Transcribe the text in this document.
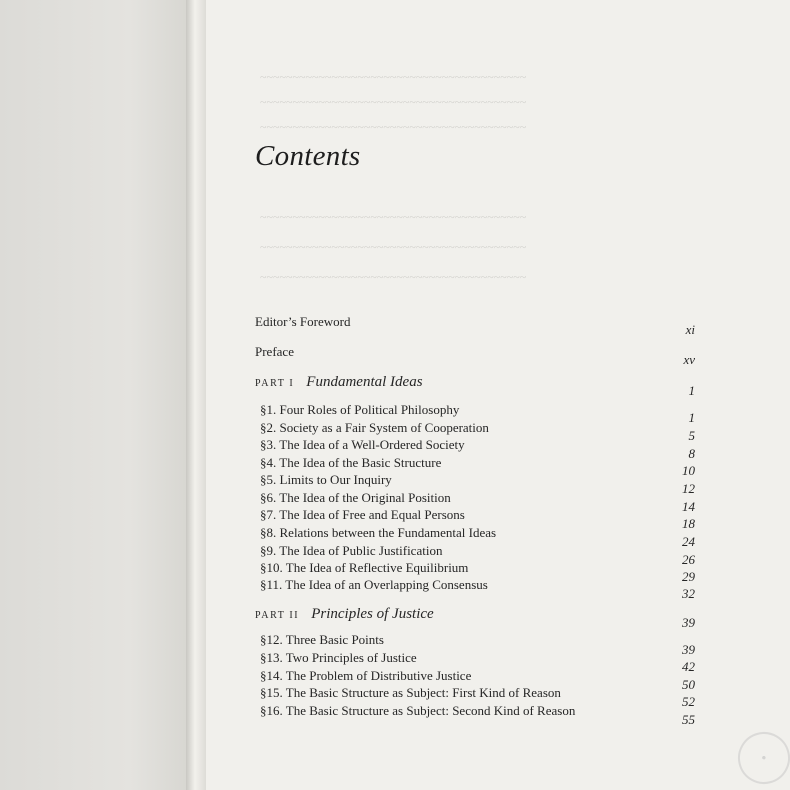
~~~~~~~~~~~~~~~~~~~~~~~~~~~~~~~~~~~~~~~~~
~~~~~~~~~~~~~~~~~~~~~~~~~~~~~~~~~~~~~~~~~
~~~~~~~~~~~~~~~~~~~~~~~~~~~~~~~~~~~~~~~~~
~~~~~~~~~~~~~~~~~~~~~~~~~~~~~~~~~~~~~~~~~
~~~~~~~~~~~~~~~~~~~~~~~~~~~~~~~~~~~~~~~~~
~~~~~~~~~~~~~~~~~~~~~~~~~~~~~~~~~~~~~~~~~
Contents
Editor’s Foreword
xi
Preface
xv
PART I Fundamental Ideas
1
§1. Four Roles of Political Philosophy
1
§2. Society as a Fair System of Cooperation
5
§3. The Idea of a Well-Ordered Society
8
§4. The Idea of the Basic Structure
10
§5. Limits to Our Inquiry
12
§6. The Idea of the Original Position
14
§7. The Idea of Free and Equal Persons
18
§8. Relations between the Fundamental Ideas
24
§9. The Idea of Public Justification
26
§10. The Idea of Reflective Equilibrium
29
§11. The Idea of an Overlapping Consensus
32
PART II Principles of Justice
39
§12. Three Basic Points
39
§13. Two Principles of Justice
42
§14. The Problem of Distributive Justice
50
§15. The Basic Structure as Subject: First Kind of Reason
52
§16. The Basic Structure as Subject: Second Kind of Reason
55
●
